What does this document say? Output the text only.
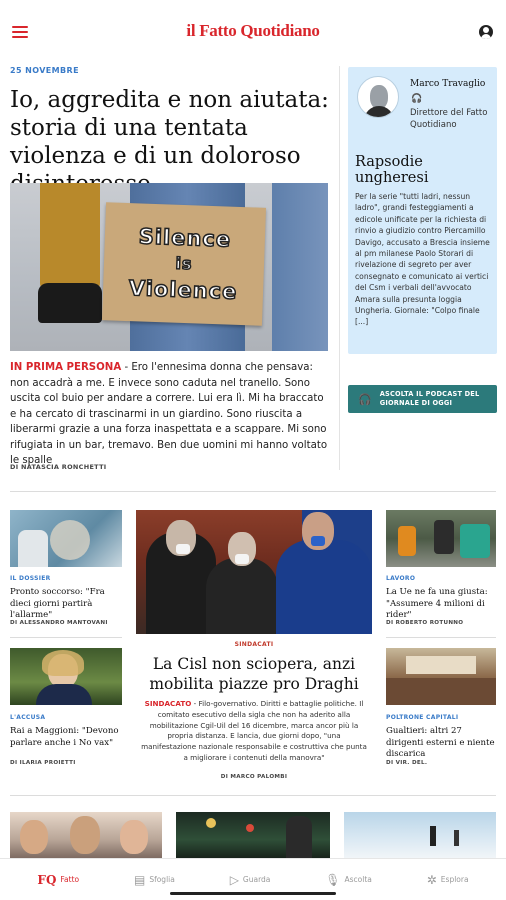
il Fatto Quotidiano
25 NOVEMBRE
Io, aggredita e non aiutata: storia di una tentata violenza e di un doloroso
Silence
is
Violence
IN PRIMA PERSONA - Ero l'ennesima donna che pensava: non accadrà a me. E invece sono caduta nel tranello. Sono uscita col buio per andare a correre. Lui era lì. Mi ha braccato e ha cercato di trascinarmi in un giardino. Sono riuscita a liberarmi grazie a una forza inaspettata e a scappare. Mi sono rifugiata in un bar, tremavo. Ben due uomini mi hanno voltato le spalle
DI NATASCIA RONCHETTI
Marco Travaglio
🎧
Direttore del Fatto Quotidiano
Rapsodie ungheresi
Per la serie "tutti ladri, nessun ladro", grandi festeggiamenti a edicole unificate per la richiesta di rinvio a giudizio contro Piercamillo Davigo, accusato a Brescia insieme al pm milanese Paolo Storari di rivelazione di segreto per aver consegnato e comunicato ai vertici del Csm i verbali dell'avvocato Amara sulla presunta loggia Ungheria. Giornale: "Colpo finale [...]
🎧 ASCOLTA IL PODCAST DEL GIORNALE DI OGGI
IL DOSSIER
Pronto soccorso: "Fra dieci giorni partirà l'allarme"
DI ALESSANDRO MANTOVANI
L'ACCUSA
Rai a Maggioni: "Devono parlare anche i No vax"
DI ILARIA PROIETTI
SINDACATI
La Cisl non sciopera, anzi mobilita piazze pro Draghi
SINDACATO - Filo-governativo. Diritti e battaglie politiche. Il comitato esecutivo della sigla che non ha aderito alla mobilitazione Cgil-Uil del 16 dicembre, marca ancor più la propria distanza. E lancia, due giorni dopo, "una manifestazione nazionale responsabile e costruttiva che punta a migliorare i contenuti della manovra"
DI MARCO PALOMBI
LAVORO
La Ue ne fa una giusta: "Assumere 4 milioni di rider"
DI ROBERTO ROTUNNO
POLTRONE CAPITALI
Gualtieri: altri 27 dirigenti esterni e niente discarica
DI VIR. DEL.
FQ Fatto	▤ Sfoglia	▷ Guarda	🎙 Ascolta	✲ Esplora
